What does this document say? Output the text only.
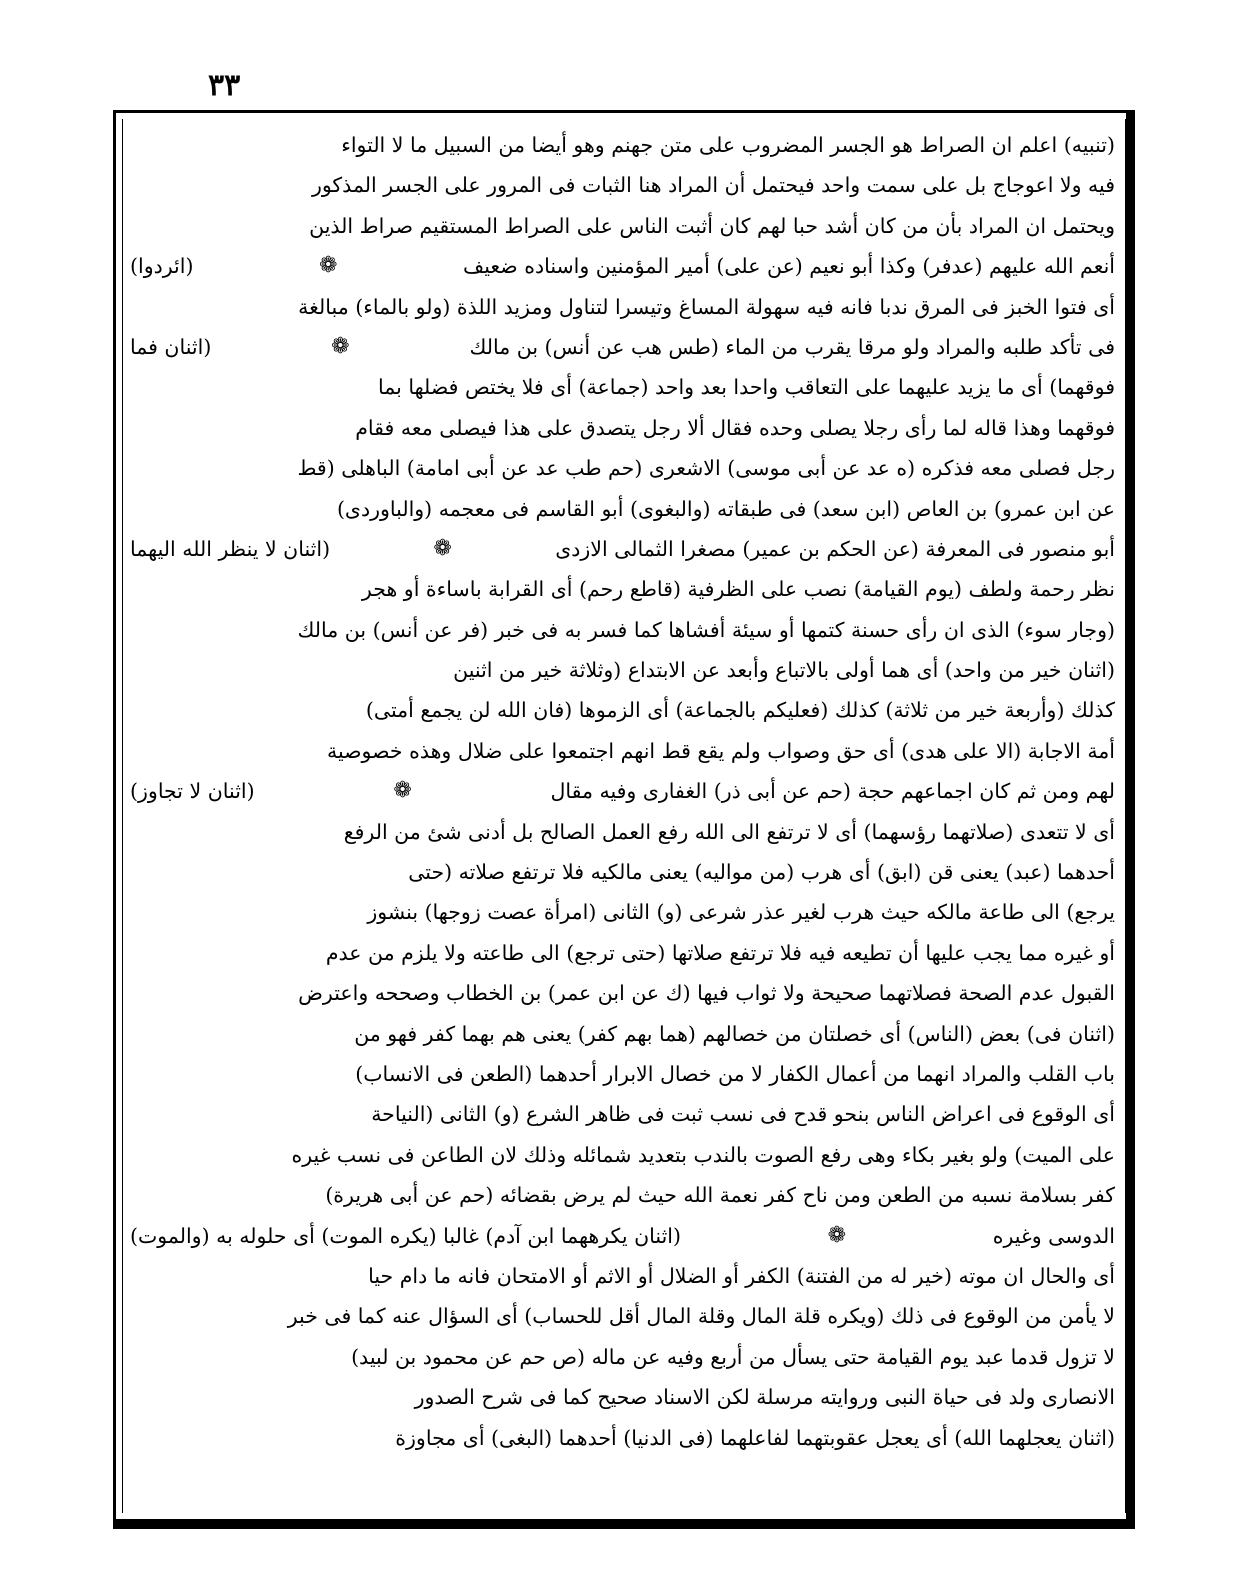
٣٣
(تنبيه) اعلم ان الصراط هو الجسر المضروب على متن جهنم وهو أيضا من السبيل ما لا التواء
فيه ولا اعوجاج بل على سمت واحد فيحتمل أن المراد هنا الثبات فى المرور على الجسر المذكور
ويحتمل ان المراد بأن من كان أشد حبا لهم كان أثبت الناس على الصراط المستقيم صراط الذين
أنعم الله عليهم (عدفر) وكذا أبو نعيم (عن على) أمير المؤمنين واسناده ضعيف
❁
(ائردوا)
أى فتوا الخبز فى المرق ندبا فانه فيه سهولة المساغ وتيسرا لتناول ومزيد اللذة (ولو بالماء) مبالغة
فى تأكد طلبه والمراد ولو مرقا يقرب من الماء (طس هب عن أنس) بن مالك
❁
(اثنان فما
فوقهما) أى ما يزيد عليهما على التعاقب واحدا بعد واحد (جماعة) أى فلا يختص فضلها بما
فوقهما وهذا قاله لما رأى رجلا يصلى وحده فقال ألا رجل يتصدق على هذا فيصلى معه فقام
رجل فصلى معه فذكره (ه عد عن أبى موسى) الاشعرى (حم طب عد عن أبى امامة) الباهلى (قط
عن ابن عمرو) بن العاص (ابن سعد) فى طبقاته (والبغوى) أبو القاسم فى معجمه (والباوردى)
أبو منصور فى المعرفة (عن الحكم بن عمير) مصغرا الثمالى الازدى
❁
(اثنان لا ينظر الله اليهما
نظر رحمة ولطف (يوم القيامة) نصب على الظرفية (قاطع رحم) أى القرابة باساءة أو هجر
(وجار سوء) الذى ان رأى حسنة كتمها أو سيئة أفشاها كما فسر به فى خبر (فر عن أنس) بن مالك
(اثنان خير من واحد) أى هما أولى بالاتباع وأبعد عن الابتداع (وثلاثة خير من اثنين
كذلك (وأربعة خير من ثلاثة) كذلك (فعليكم بالجماعة) أى الزموها (فان الله لن يجمع أمتى)
أمة الاجابة (الا على هدى) أى حق وصواب ولم يقع قط انهم اجتمعوا على ضلال وهذه خصوصية
لهم ومن ثم كان اجماعهم حجة (حم عن أبى ذر) الغفارى وفيه مقال
❁
(اثنان لا تجاوز)
أى لا تتعدى (صلاتهما رؤسهما) أى لا ترتفع الى الله رفع العمل الصالح بل أدنى شئ من الرفع
أحدهما (عبد) يعنى قن (ابق) أى هرب (من مواليه) يعنى مالكيه فلا ترتفع صلاته (حتى
يرجع) الى طاعة مالكه حيث هرب لغير عذر شرعى (و) الثانى (امرأة عصت زوجها) بنشوز
أو غيره مما يجب عليها أن تطيعه فيه فلا ترتفع صلاتها (حتى ترجع) الى طاعته ولا يلزم من عدم
القبول عدم الصحة فصلاتهما صحيحة ولا ثواب فيها (ك عن ابن عمر) بن الخطاب وصححه واعترض
(اثنان فى) بعض (الناس) أى خصلتان من خصالهم (هما بهم كفر) يعنى هم بهما كفر فهو من
باب القلب والمراد انهما من أعمال الكفار لا من خصال الابرار أحدهما (الطعن فى الانساب)
أى الوقوع فى اعراض الناس بنحو قدح فى نسب ثبت فى ظاهر الشرع (و) الثانى (النياحة
على الميت) ولو بغير بكاء وهى رفع الصوت بالندب بتعديد شمائله وذلك لان الطاعن فى نسب غيره
كفر بسلامة نسبه من الطعن ومن ناح كفر نعمة الله حيث لم يرض بقضائه (حم عن أبى هريرة)
الدوسى وغيره
❁
(اثنان يكرههما ابن آدم) غالبا (يكره الموت) أى حلوله به (والموت)
أى والحال ان موته (خير له من الفتنة) الكفر أو الضلال أو الاثم أو الامتحان فانه ما دام حيا
لا يأمن من الوقوع فى ذلك (ويكره قلة المال وقلة المال أقل للحساب) أى السؤال عنه كما فى خبر
لا تزول قدما عبد يوم القيامة حتى يسأل من أربع وفيه عن ماله (ص حم عن محمود بن لبيد)
الانصارى ولد فى حياة النبى وروايته مرسلة لكن الاسناد صحيح كما فى شرح الصدور
(اثنان يعجلهما الله) أى يعجل عقوبتهما لفاعلهما (فى الدنيا) أحدهما (البغى) أى مجاوزة
